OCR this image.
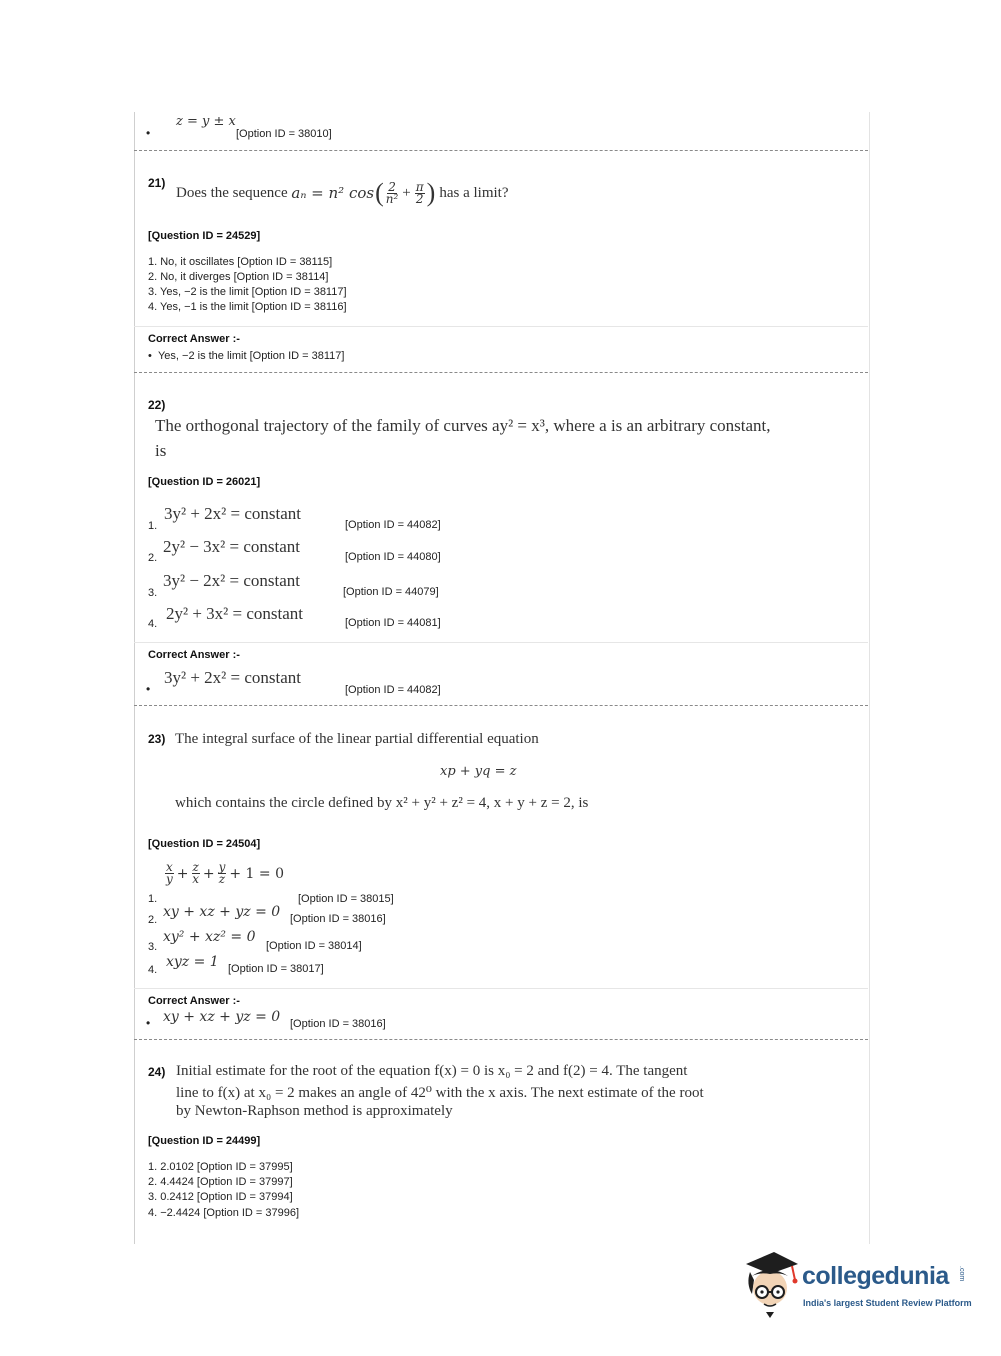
z = y ± x
•	[Option ID = 38010]
21)
Does the sequence
aₙ = n² cos ( $\frac{2}{\text{n²}} + \frac{\pi}{2}$ ) has a limit?
[Question ID = 24529]
1. No, it oscillates [Option ID = 38115]
2. No, it diverges [Option ID = 38114]
3. Yes, −2 is the limit [Option ID = 38117]
4. Yes, −1 is the limit [Option ID = 38116]
Correct Answer :-
•  Yes, −2 is the limit [Option ID = 38117]
22)
The orthogonal trajectory of the family of curves ay² = x³, where a is an arbitrary constant,
is
[Question ID = 26021]
1.
3y² + 2x² = constant
[Option ID = 44082]
2.
2y² − 3x² = constant
[Option ID = 44080]
3.
3y² − 2x² = constant
[Option ID = 44079]
4.
2y² + 3x² = constant	[Option ID = 44081]
Correct Answer :-
•
3y² + 2x² = constant
[Option ID = 44082]
23) The integral surface of the linear partial differential equation
xp + yq = z
which contains the circle defined by x² + y² + z² = 4, x + y + z = 2, is
[Question ID = 24504]
$\frac{x}{y} + \frac{z}{x} + \frac{y}{z} + 1 = 0$
1.	[Option ID = 38015]
2. xy + xz + yz = 0 [Option ID = 38016]
3.
xy² + xz² = 0
[Option ID = 38014]
4. xyz = 1 [Option ID = 38017]
Correct Answer :-
• xy + xz + yz = 0 [Option ID = 38016]
24) Initial estimate for the root of the equation f(x) = 0 is x₀ = 2 and f(2) = 4. The tangent
line to f(x) at x₀ = 2 makes an angle of 42⁰ with the x axis. The next estimate of the root
by Newton-Raphson method is approximately
[Question ID = 24499]
1. 2.0102 [Option ID = 37995]
2. 4.4424 [Option ID = 37997]
3. 0.2412 [Option ID = 37994]
4. −2.4424 [Option ID = 37996]
collegedunia .com
India's largest Student Review Platform
